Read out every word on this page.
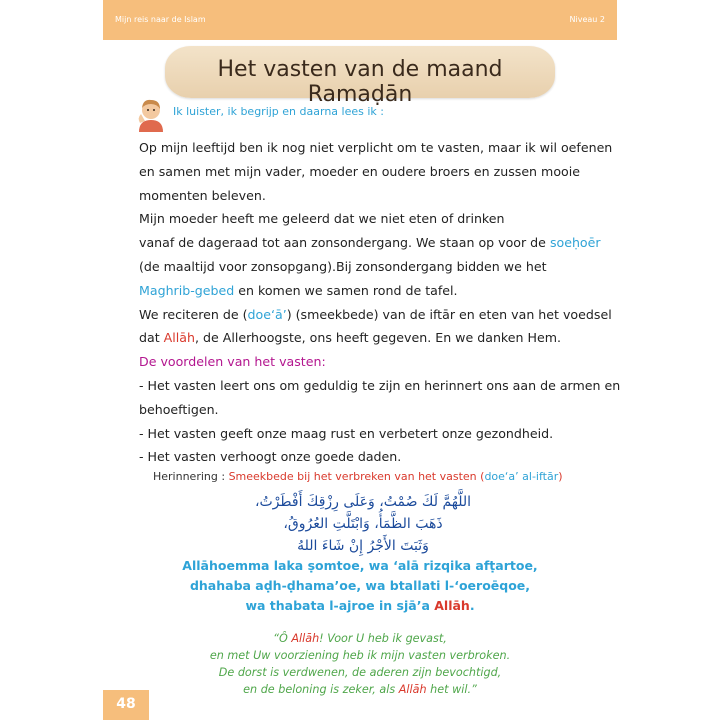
Mijn reis naar de Islam	Niveau 2
Het vasten van de maand Ramaḍān
Ik luister, ik begrijp en daarna lees ik :
Op mijn leeftijd ben ik nog niet verplicht om te vasten, maar ik wil oefenen
en samen met mijn vader, moeder en oudere broers en zussen mooie
momenten beleven.
Mijn moeder heeft me geleerd dat we niet eten of drinken
vanaf de dageraad tot aan zonsondergang. We staan op voor de soeḥoēr
(de maaltijd voor zonsopgang).Bij zonsondergang bidden we het
Maghrib-gebed en komen we samen rond de tafel.
We reciteren de (doe‘ā’) (smeekbede) van de iftār en eten van het voedsel
dat Allāh, de Allerhoogste, ons heeft gegeven. En we danken Hem.
De voordelen van het vasten:
- Het vasten leert ons om geduldig te zijn en herinnert ons aan de armen en
behoeftigen.
- Het vasten geeft onze maag rust en verbetert onze gezondheid.
- Het vasten verhoogt onze goede daden.
Herinnering : Smeekbede bij het verbreken van het vasten (doe‘a’ al-iftār)
اللَّهُمَّ لَكَ صُمْتُ، وَعَلَى رِزْقِكَ أَفْطَرْتُ،
ذَهَبَ الظَّمَأُ، وَابْتَلَّتِ العُرُوقُ،
وَثَبَتَ الأَجْرُ إِنْ شَاءَ اللهُ
Allāhoemma laka ṣomtoe, wa ‘alā rizqika afṭartoe,
dhahaba aḍh-ḍhama’oe, wa btallati l-‘oeroēqoe,
wa thabata l-ajroe in sjā’a Allāh.
“Ô Allāh! Voor U heb ik gevast,
en met Uw voorziening heb ik mijn vasten verbroken.
De dorst is verdwenen, de aderen zijn bevochtigd,
en de beloning is zeker, als Allāh het wil.”
48
